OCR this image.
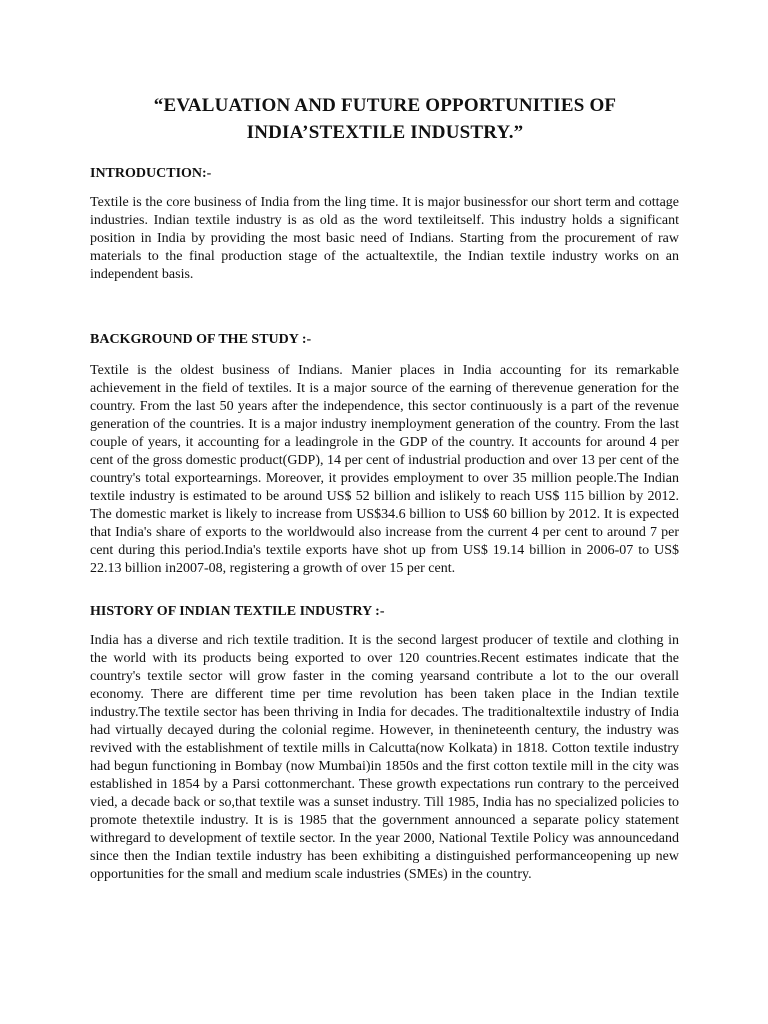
“EVALUATION AND FUTURE OPPORTUNITIES OF
INDIA’STEXTILE INDUSTRY.”
INTRODUCTION:-

Textile is the core business of India from the ling time. It is major businessfor our short term and cottage industries. Indian textile industry is as old as the word textileitself. This industry holds a significant position in India by providing the most basic need of Indians. Starting from the procurement of raw materials to the final production stage of the actualtextile, the Indian textile industry works on an independent basis.

BACKGROUND OF THE STUDY :-

Textile is the oldest business of Indians. Manier places in India accounting for its remarkable achievement in the field of textiles. It is a major source of the earning of therevenue generation for the country. From the last 50 years after the independence, this sector continuously is a part of the revenue generation of the countries. It is a major industry inemployment generation of the country. From the last couple of years, it accounting for a leadingrole in the GDP of the country. It accounts for around 4 per cent of the gross domestic product(GDP), 14 per cent of industrial production and over 13 per cent of the country's total exportearnings. Moreover, it provides employment to over 35 million people.The Indian textile industry is estimated to be around US$ 52 billion and islikely to reach US$ 115 billion by 2012. The domestic market is likely to increase from US$34.6 billion to US$ 60 billion by 2012. It is expected that India's share of exports to the worldwould also increase from the current 4 per cent to around 7 per cent during this period.India's textile exports have shot up from US$ 19.14 billion in 2006-07 to US$ 22.13 billion in2007-08, registering a growth of over 15 per cent.

HISTORY OF INDIAN TEXTILE INDUSTRY :-

India has a diverse and rich textile tradition. It is the second largest producer of textile and clothing in the world with its products being exported to over 120 countries.Recent estimates indicate that the country's textile sector will grow faster in the coming yearsand contribute a lot to the our overall economy. There are different time per time revolution has been taken place in the Indian textile industry.The textile sector has been thriving in India for decades. The traditionaltextile industry of India had virtually decayed during the colonial regime. However, in thenineteenth century, the industry was revived with the establishment of textile mills in Calcutta(now Kolkata) in 1818. Cotton textile industry had begun functioning in Bombay (now Mumbai)in 1850s and the first cotton textile mill in the city was established in 1854 by a Parsi cottonmerchant. These growth expectations run contrary to the perceived vied, a decade back or so,that textile was a sunset industry. Till 1985, India has no specialized policies to promote thetextile industry. It is is 1985 that the government announced a separate policy statement withregard to development of textile sector. In the year 2000, National Textile Policy was announcedand since then the Indian textile industry has been exhibiting a distinguished performanceopening up new opportunities for the small and medium scale industries (SMEs) in the country.
